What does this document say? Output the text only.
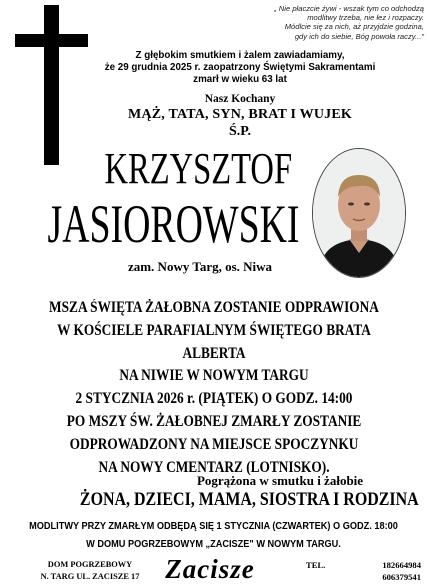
„ Nie płaczcie żywi - wszak tym co odchodzą
modlitwy trzeba, nie łez i rozpaczy.
Módlcie się za nich, aż przyjdzie godzina,
gdy ich do siebie, Bóg powoła raczy..."
Z głębokim smutkiem i żalem zawiadamiamy,
że 29 grudnia 2025 r. zaopatrzony Świętymi Sakramentami
zmarł w wieku 63 lat
Nasz Kochany
MĄŻ, TATA, SYN, BRAT I WUJEK
Ś.P.
KRZYSZTOF
JASIOROWSKI
zam. Nowy Targ, os. Niwa
MSZA ŚWIĘTA ŻAŁOBNA ZOSTANIE ODPRAWIONA
W KOŚCIELE PARAFIALNYM ŚWIĘTEGO BRATA ALBERTA
NA NIWIE W NOWYM TARGU
2 STYCZNIA 2026 r. (PIĄTEK) O GODZ. 14:00
PO MSZY ŚW. ŻAŁOBNEJ ZMARŁY ZOSTANIE
ODPROWADZONY NA MIEJSCE SPOCZYNKU
NA NOWY CMENTARZ (LOTNISKO).
Pogrążona w smutku i żałobie
ŻONA, DZIECI, MAMA, SIOSTRA I RODZINA
MODLITWY PRZY ZMARŁYM ODBĘDĄ SIĘ 1 STYCZNIA (CZWARTEK) O GODZ. 18:00
W DOMU POGRZEBOWYM „ZACISZE" W NOWYM TARGU.
DOM POGRZEBOWY
N. TARG UL. ZACISZE 17 Zacisze	TEL.	182664984
606379541
